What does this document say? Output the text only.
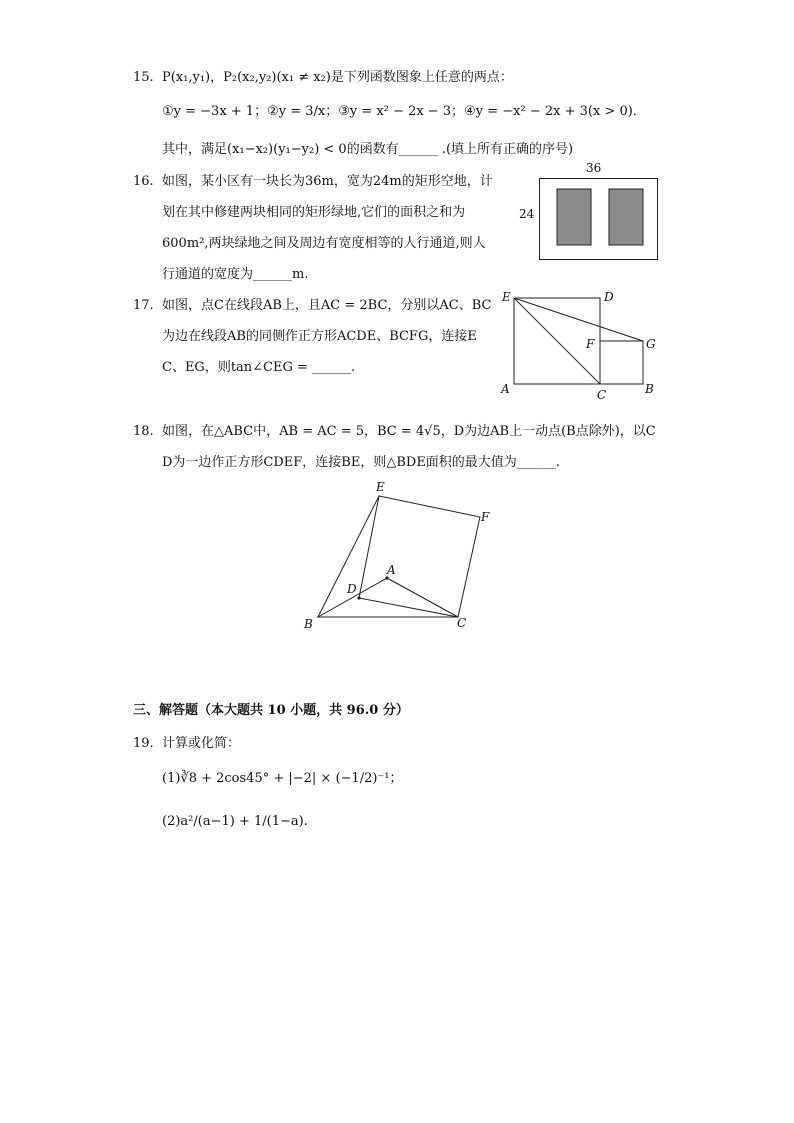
15. P(x₁,y₁)，P₂(x₂,y₂)(x₁ ≠ x₂)是下列函数图象上任意的两点：
①y = −3x + 1；②y = 3/x；③y = x² − 2x − 3；④y = −x² − 2x + 3(x > 0)．
其中，满足(x₁−x₂)(y₁−y₂) < 0的函数有______ .(填上所有正确的序号)
16. 如图，某小区有一块长为36m，宽为24m的矩形空地，计
划在其中修建两块相同的矩形绿地,它们的面积之和为
600m²,两块绿地之间及周边有宽度相等的人行通道,则人
行通道的宽度为______m.
36
24
17. 如图，点C在线段AB上，且AC = 2BC，分别以AC、BC
为边在线段AB的同侧作正方形ACDE、BCFG，连接E
C、EG，则tan∠CEG = ______.
E	D
F	G
A	C	B
18. 如图，在△ABC中，AB = AC = 5，BC = 4√5，D为边AB上一动点(B点除外)，以C
D为一边作正方形CDEF，连接BE，则△BDE面积的最大值为______.
E
F
A
D
B	C
三、解答题（本大题共 10 小题，共 96.0 分）
19. 计算或化简：
(1)∛8 + 2cos45° + |−2| × (−1/2)⁻¹；
(2)a²/(a−1) + 1/(1−a).
